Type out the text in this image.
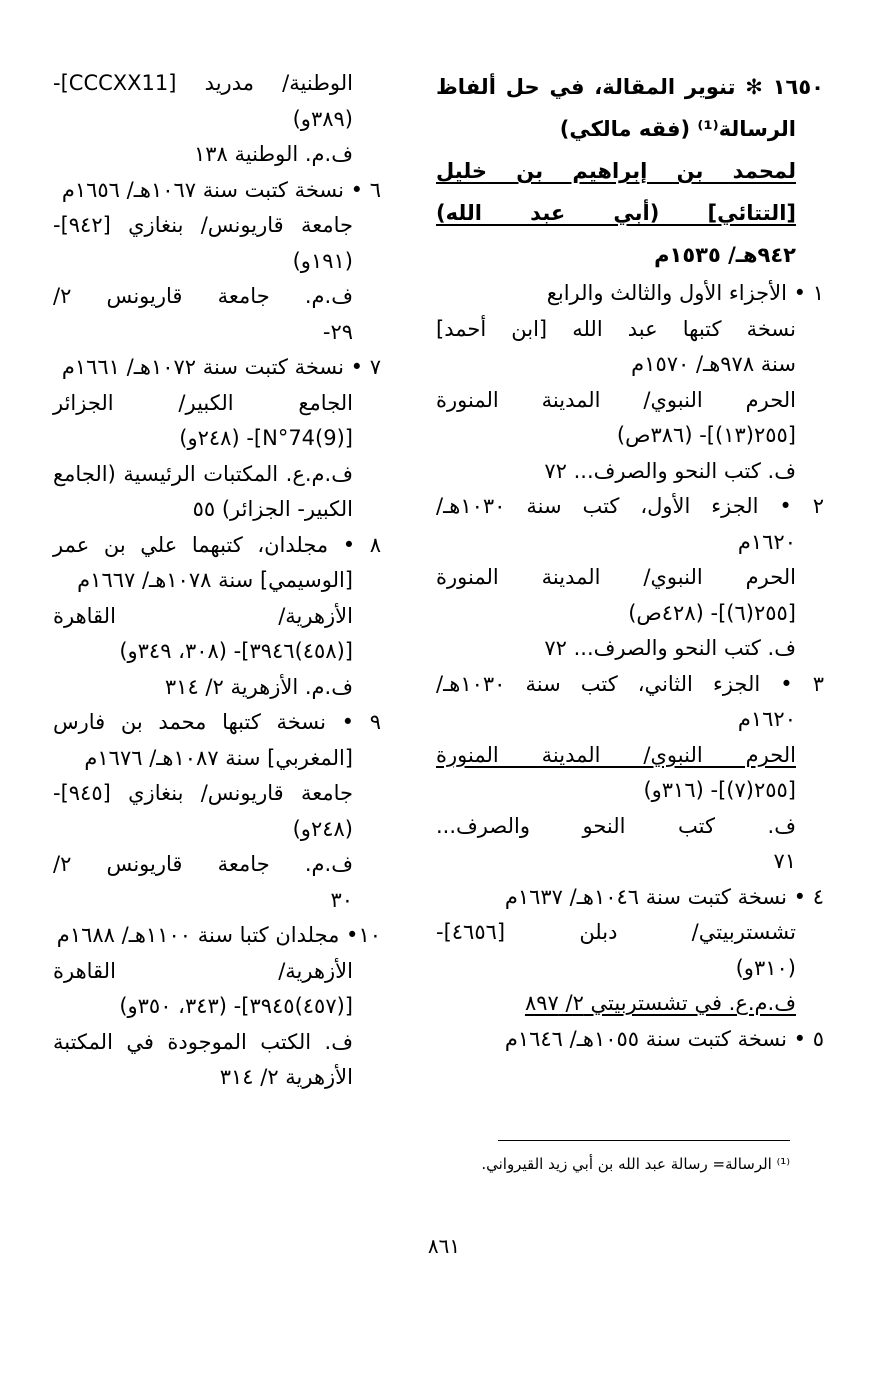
١٦٥٠ ✻ تنوير المقالة، في حل ألفاظ
الرسالة⁽¹⁾ (فقه مالكي)
لمحمد بن إبراهيم بن خليل
[التتائي] (أبي عبد الله)
٩٤٢هـ/ ١٥٣٥م
١ • الأجزاء الأول والثالث والرابع
نسخة كتبها عبد الله [ابن أحمد]
سنة ٩٧٨هـ/ ١٥٧٠م
الحرم النبوي/ المدينة المنورة
[٢٥٥(١٣)]- (٣٨٦ص)
ف. كتب النحو والصرف... ٧٢
٢ • الجزء الأول، كتب سنة ١٠٣٠هـ/
١٦٢٠م
الحرم النبوي/ المدينة المنورة
[٢٥٥(٦)]- (٤٢٨ص)
ف. كتب النحو والصرف... ٧٢
٣ • الجزء الثاني، كتب سنة ١٠٣٠هـ/
١٦٢٠م
الحرم النبوي/ المدينة المنورة
[٢٥٥(٧)]- (٣١٦و)
ف. كتب النحو والصرف...
٧١
٤ • نسخة كتبت سنة ١٠٤٦هـ/ ١٦٣٧م
تشستربيتي/ دبلن [٤٦٥٦]-
(٣١٠و)
ف.م.ع. في تشستربيتي ٢/ ٨٩٧
٥ • نسخة كتبت سنة ١٠٥٥هـ/ ١٦٤٦م
الوطنية/ مدريد [CCCXX11]-
(٣٨٩و)
ف.م. الوطنية ١٣٨
٦ • نسخة كتبت سنة ١٠٦٧هـ/ ١٦٥٦م
جامعة قاريونس/ بنغازي [٩٤٢]-
(١٩١و)
ف.م. جامعة قاريونس ٢/
٢٩-
٧ • نسخة كتبت سنة ١٠٧٢هـ/ ١٦٦١م
الجامع الكبير/ الجزائر
[N°74(9)]- (٢٤٨و)
ف.م.ع. المكتبات الرئيسية (الجامع
الكبير- الجزائر) ٥٥
٨ • مجلدان، كتبهما علي بن عمر
[الوسيمي] سنة ١٠٧٨هـ/ ١٦٦٧م
الأزهرية/ القاهرة
[(٤٥٨)٣٩٤٦]- (٣٠٨، ٣٤٩و)
ف.م. الأزهرية ٢/ ٣١٤
٩ • نسخة كتبها محمد بن فارس
[المغربي] سنة ١٠٨٧هـ/ ١٦٧٦م
جامعة قاريونس/ بنغازي [٩٤٥]-
(٢٤٨و)
ف.م. جامعة قاريونس ٢/
٣٠
١٠• مجلدان كتبا سنة ١١٠٠هـ/ ١٦٨٨م
الأزهرية/ القاهرة
[(٤٥٧)٣٩٤٥]- (٣٤٣، ٣٥٠و)
ف. الكتب الموجودة في المكتبة
الأزهرية ٢/ ٣١٤
⁽¹⁾ الرسالة= رسالة عبد الله بن أبي زيد القيرواني.
٨٦١
